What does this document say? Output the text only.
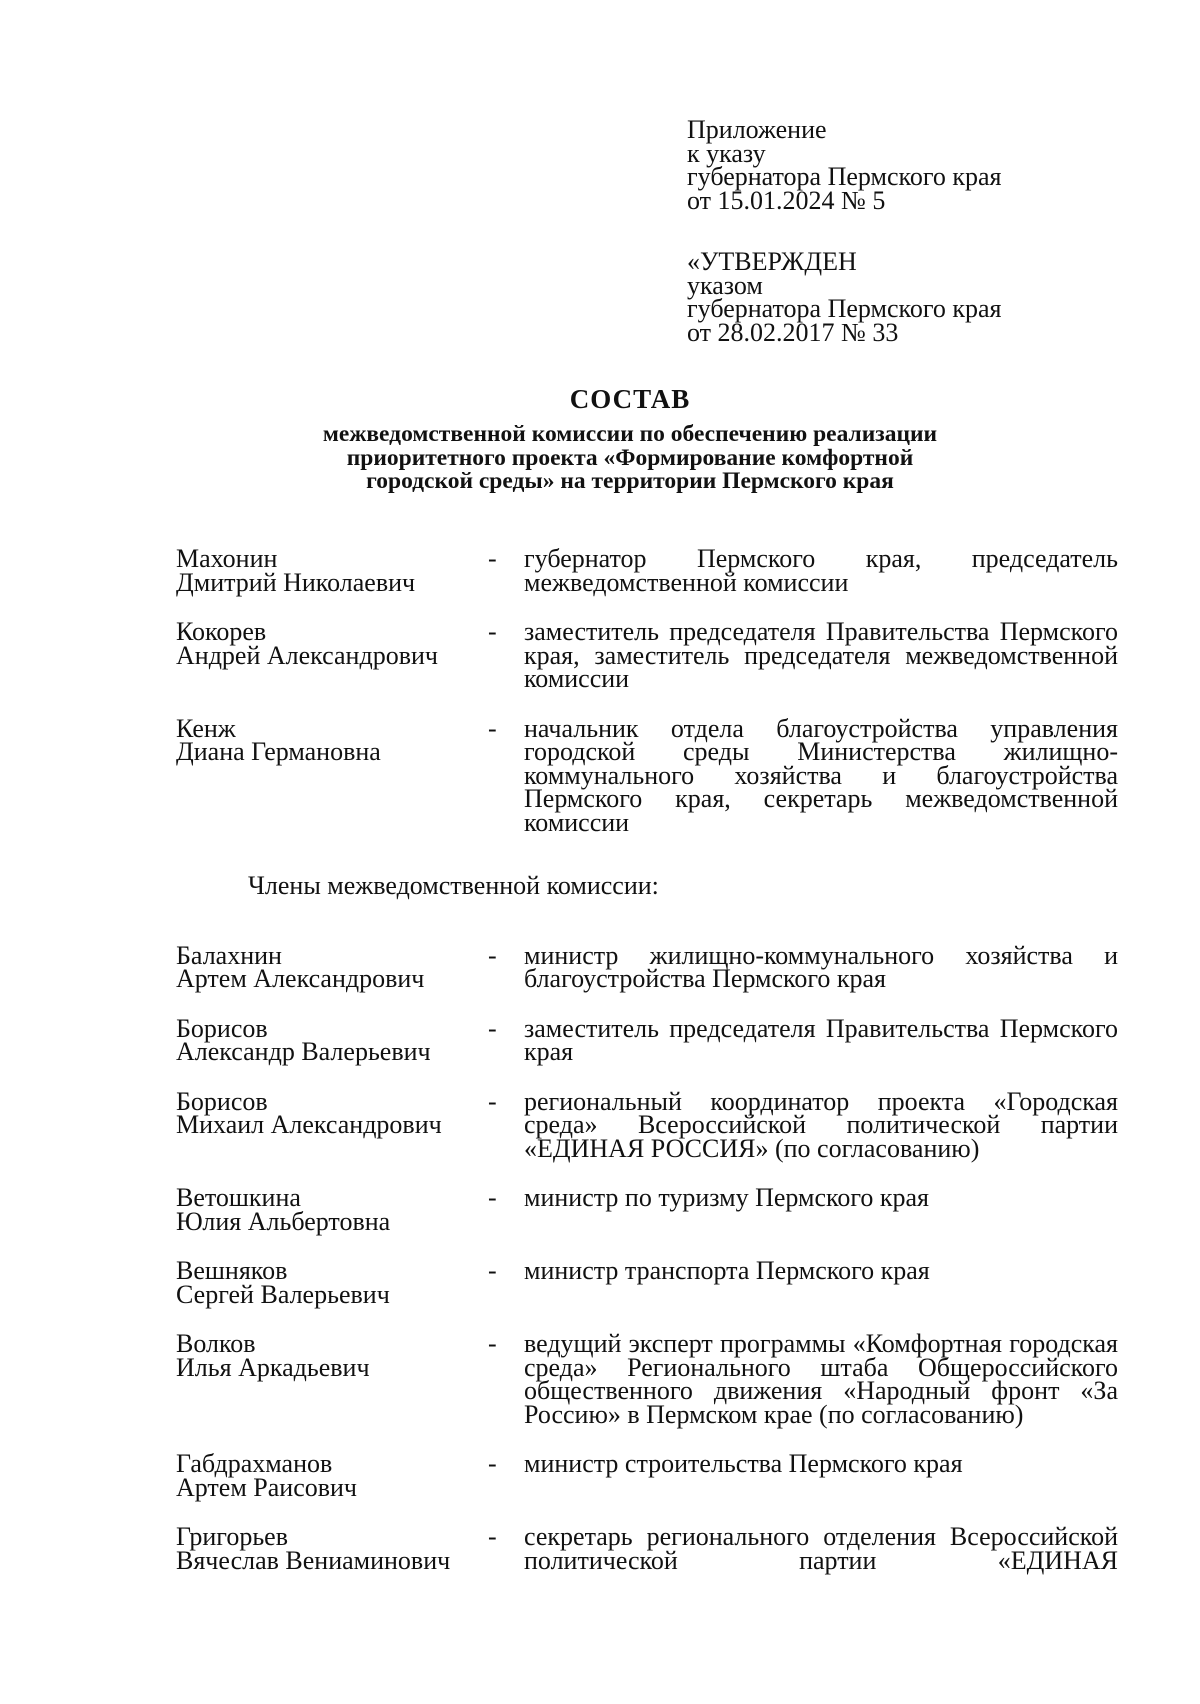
Приложение
к указу
губернатора Пермского края
от 15.01.2024 № 5
«УТВЕРЖДЕН
указом
губернатора Пермского края
от 28.02.2017 № 33
СОСТАВ
межведомственной комиссии по обеспечению реализации
приоритетного проекта «Формирование комфортной
городской среды» на территории Пермского края
Махонин
Дмитрий Николаевич
-	губернатор Пермского края, председатель межведомственной комиссии
Кокорев
Андрей Александрович
-	заместитель председателя Правительства Пермского края, заместитель председателя межведомственной комиссии
Кенж
Диана Германовна
-	начальник отдела благоустройства управления городской среды Министерства жилищно-коммунального хозяйства и благоустройства Пермского края, секретарь межведомственной комиссии
Члены межведомственной комиссии:
Балахнин
Артем Александрович
-	министр жилищно-коммунального хозяйства и благоустройства Пермского края
Борисов
Александр Валерьевич
-	заместитель председателя Правительства Пермского края
Борисов
Михаил Александрович
-	региональный координатор проекта «Городская среда» Всероссийской политической партии «ЕДИНАЯ РОССИЯ» (по согласованию)
Ветошкина
Юлия Альбертовна
-	министр по туризму Пермского края
Вешняков
Сергей Валерьевич
-	министр транспорта Пермского края
Волков
Илья Аркадьевич
-	ведущий эксперт программы «Комфортная городская среда» Регионального штаба Общероссийского общественного движения «Народный фронт «За Россию» в Пермском крае (по согласованию)
Габдрахманов
Артем Раисович
-	министр строительства Пермского края
Григорьев
Вячеслав Вениаминович
-	секретарь регионального отделения Всероссийской политической партии «ЕДИНАЯ
